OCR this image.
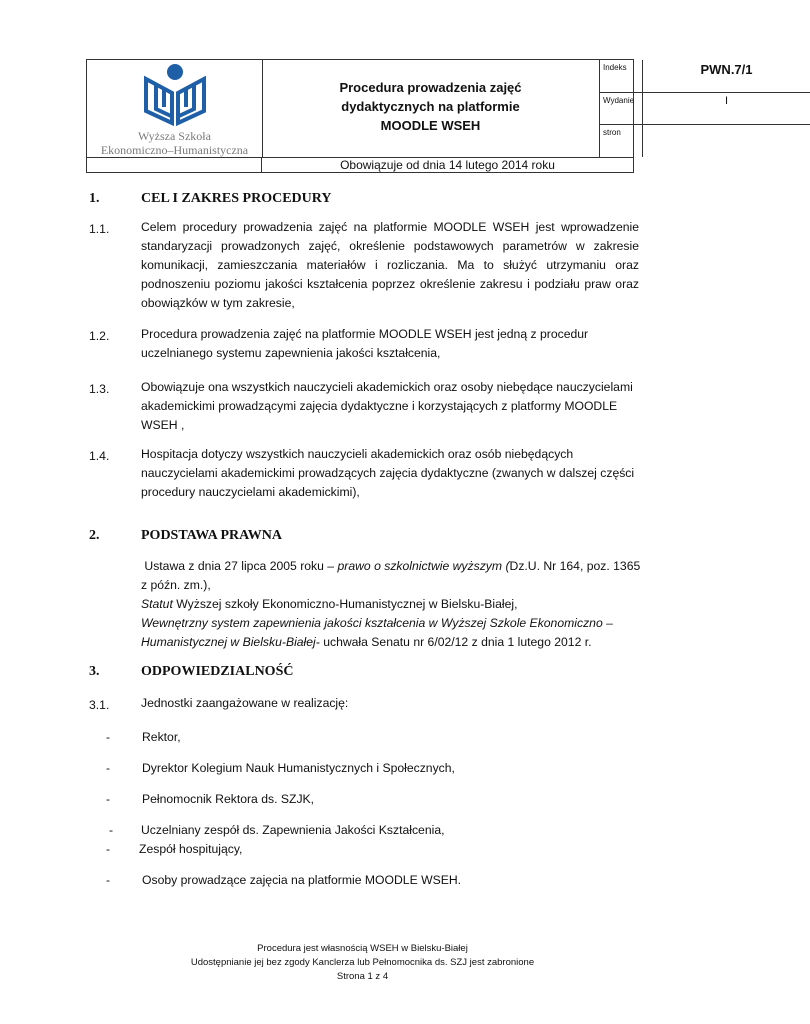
Wyższa Szkoła
Ekonomiczno–Humanistyczna
Procedura prowadzenia zajęć
dydaktycznych na platformie
MOODLE WSEH
Indeks	PWN.7/1
Wydanie	I
stron
Obowiązuje od dnia 14 lutego 2014 roku
1.	CEL I ZAKRES PROCEDURY
1.1.	Celem procedury prowadzenia zajęć na platformie MOODLE WSEH jest wprowadzenie
standaryzacji prowadzonych zajęć, określenie podstawowych parametrów w zakresie
komunikacji, zamieszczania materiałów i rozliczania. Ma to służyć utrzymaniu oraz
podnoszeniu poziomu jakości kształcenia poprzez określenie zakresu i podziału praw oraz
obowiązków w tym zakresie,
1.2.	Procedura prowadzenia zajęć na platformie MOODLE WSEH jest jedną z procedur
uczelnianego systemu zapewnienia jakości kształcenia,
1.3.	Obowiązuje ona wszystkich nauczycieli akademickich oraz osoby niebędące nauczycielami
akademickimi prowadzącymi zajęcia dydaktyczne i korzystających z platformy MOODLE
WSEH ,
1.4.	Hospitacja dotyczy wszystkich nauczycieli akademickich oraz osób niebędących
nauczycielami akademickimi prowadzących zajęcia dydaktyczne (zwanych w dalszej części
procedury nauczycielami akademickimi),
2.	PODSTAWA PRAWNA
Ustawa z dnia 27 lipca 2005 roku – prawo o szkolnictwie wyższym (Dz.U. Nr 164, poz. 1365
z późn. zm.),
Statut Wyższej szkoły Ekonomiczno-Humanistycznej w Bielsku-Białej,
Wewnętrzny system zapewnienia jakości kształcenia w Wyższej Szkole Ekonomiczno –
Humanistycznej w Bielsku-Białej- uchwała Senatu nr 6/02/12 z dnia 1 lutego 2012 r.
3.	ODPOWIEDZIALNOŚĆ
3.1.	Jednostki zaangażowane w realizację:
-	Rektor,
-	Dyrektor Kolegium Nauk Humanistycznych i Społecznych,
-	Pełnomocnik Rektora ds. SZJK,
- Uczelniany zespół ds. Zapewnienia Jakości Kształcenia,
- Zespół hospitujący,
-	Osoby prowadzące zajęcia na platformie MOODLE WSEH.
Procedura jest własnością WSEH w Bielsku-Białej
Udostępnianie jej bez zgody Kanclerza lub Pełnomocnika ds. SZJ jest zabronione
Strona 1 z 4
